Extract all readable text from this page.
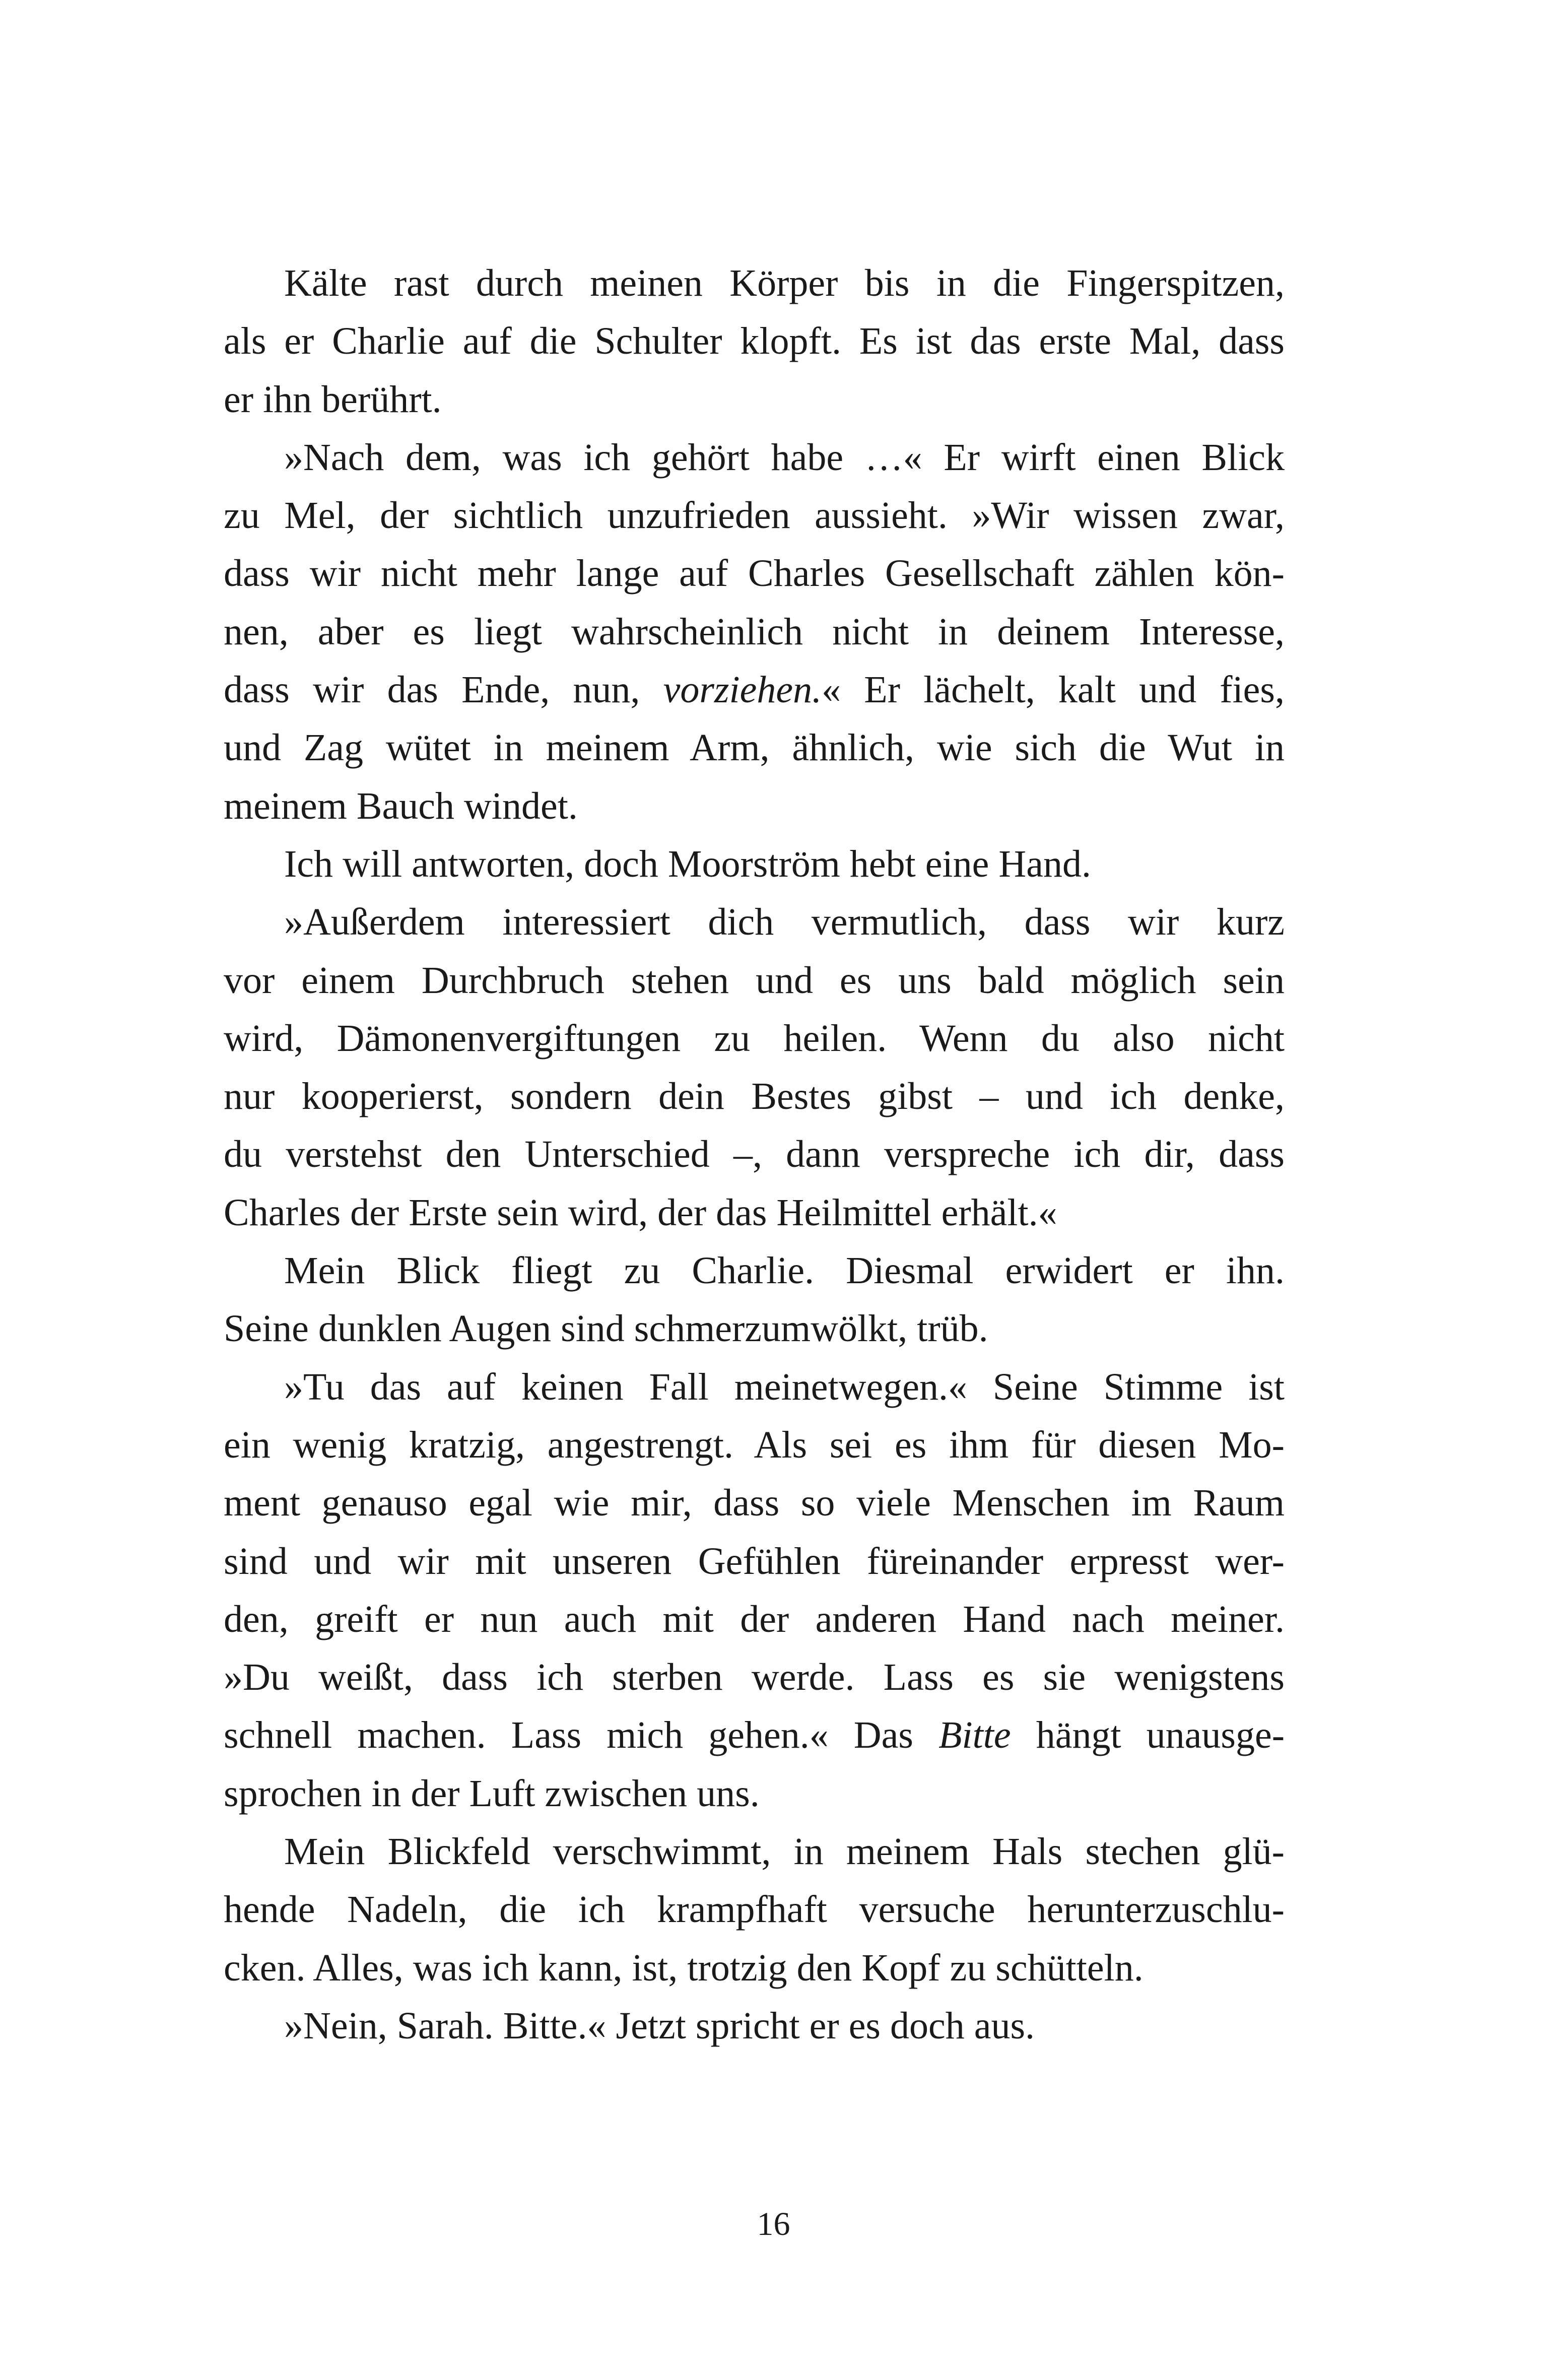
Kälte rast durch meinen Körper bis in die Fingerspitzen,
als er Charlie auf die Schulter klopft. Es ist das erste Mal, dass
er ihn berührt.
»Nach dem, was ich gehört habe …« Er wirft einen Blick
zu Mel, der sichtlich unzufrieden aussieht. »Wir wissen zwar,
dass wir nicht mehr lange auf Charles Gesellschaft zählen kön-
nen, aber es liegt wahrscheinlich nicht in deinem Interesse,
dass wir das Ende, nun, vorziehen.« Er lächelt, kalt und fies,
und Zag wütet in meinem Arm, ähnlich, wie sich die Wut in
meinem Bauch windet.
Ich will antworten, doch Moorström hebt eine Hand.
»Außerdem interessiert dich vermutlich, dass wir kurz
vor einem Durchbruch stehen und es uns bald möglich sein
wird, Dämonenvergiftungen zu heilen. Wenn du also nicht
nur kooperierst, sondern dein Bestes gibst – und ich denke,
du verstehst den Unterschied –, dann verspreche ich dir, dass
Charles der Erste sein wird, der das Heilmittel erhält.«
Mein Blick fliegt zu Charlie. Diesmal erwidert er ihn.
Seine dunklen Augen sind schmerzumwölkt, trüb.
»Tu das auf keinen Fall meinetwegen.« Seine Stimme ist
ein wenig kratzig, angestrengt. Als sei es ihm für diesen Mo-
ment genauso egal wie mir, dass so viele Menschen im Raum
sind und wir mit unseren Gefühlen füreinander erpresst wer-
den, greift er nun auch mit der anderen Hand nach meiner.
»Du weißt, dass ich sterben werde. Lass es sie wenigstens
schnell machen. Lass mich gehen.« Das Bitte hängt unausge-
sprochen in der Luft zwischen uns.
Mein Blickfeld verschwimmt, in meinem Hals stechen glü-
hende Nadeln, die ich krampfhaft versuche herunterzuschlu-
cken. Alles, was ich kann, ist, trotzig den Kopf zu schütteln.
»Nein, Sarah. Bitte.« Jetzt spricht er es doch aus.
16
